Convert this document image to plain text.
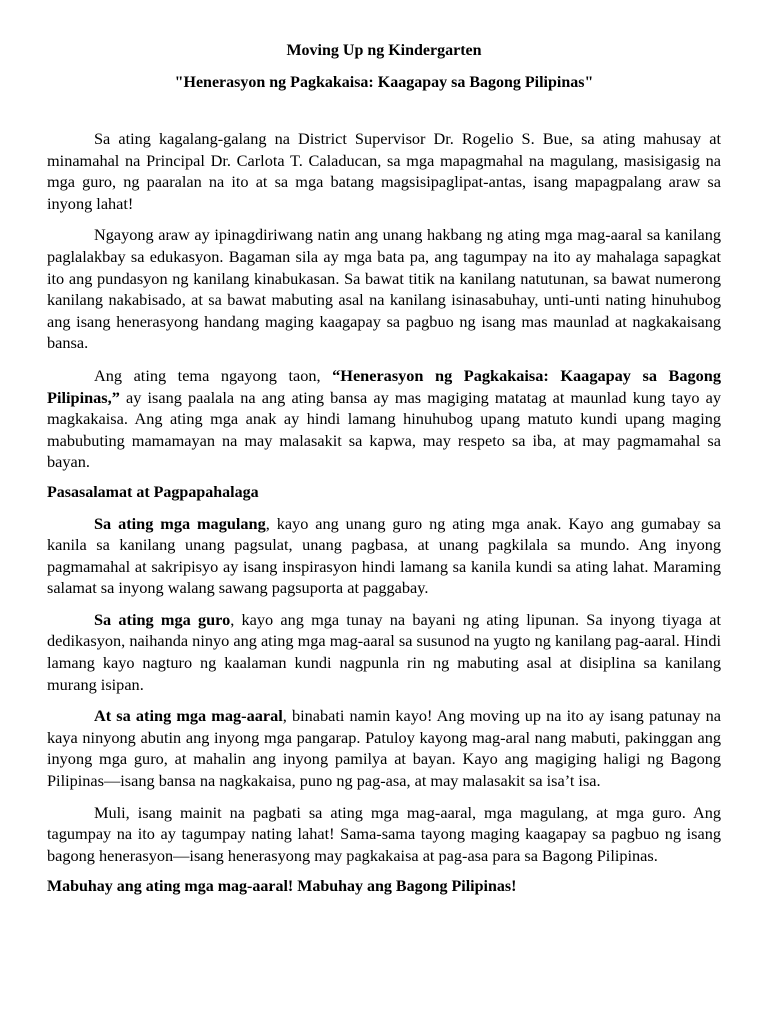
Moving Up ng Kindergarten

"Henerasyon ng Pagkakaisa: Kaagapay sa Bagong Pilipinas"

Sa ating kagalang-galang na District Supervisor Dr. Rogelio S. Bue, sa ating mahusay at minamahal na Principal Dr. Carlota T. Caladucan, sa mga mapagmahal na magulang, masisigasig na mga guro, ng paaralan na ito at sa mga batang magsisipaglipat-antas, isang mapagpalang araw sa inyong lahat!

Ngayong araw ay ipinagdiriwang natin ang unang hakbang ng ating mga mag-aaral sa kanilang paglalakbay sa edukasyon. Bagaman sila ay mga bata pa, ang tagumpay na ito ay mahalaga sapagkat ito ang pundasyon ng kanilang kinabukasan. Sa bawat titik na kanilang natutunan, sa bawat numerong kanilang nakabisado, at sa bawat mabuting asal na kanilang isinasabuhay, unti-unti nating hinuhubog ang isang henerasyong handang maging kaagapay sa pagbuo ng isang mas maunlad at nagkakaisang bansa.

Ang ating tema ngayong taon, “Henerasyon ng Pagkakaisa: Kaagapay sa Bagong Pilipinas,” ay isang paalala na ang ating bansa ay mas magiging matatag at maunlad kung tayo ay magkakaisa. Ang ating mga anak ay hindi lamang hinuhubog upang matuto kundi upang maging mabubuting mamamayan na may malasakit sa kapwa, may respeto sa iba, at may pagmamahal sa bayan.

Pasasalamat at Pagpapahalaga

Sa ating mga magulang, kayo ang unang guro ng ating mga anak. Kayo ang gumabay sa kanila sa kanilang unang pagsulat, unang pagbasa, at unang pagkilala sa mundo. Ang inyong pagmamahal at sakripisyo ay isang inspirasyon hindi lamang sa kanila kundi sa ating lahat. Maraming salamat sa inyong walang sawang pagsuporta at paggabay.

Sa ating mga guro, kayo ang mga tunay na bayani ng ating lipunan. Sa inyong tiyaga at dedikasyon, naihanda ninyo ang ating mga mag-aaral sa susunod na yugto ng kanilang pag-aaral. Hindi lamang kayo nagturo ng kaalaman kundi nagpunla rin ng mabuting asal at disiplina sa kanilang murang isipan.

At sa ating mga mag-aaral, binabati namin kayo! Ang moving up na ito ay isang patunay na kaya ninyong abutin ang inyong mga pangarap. Patuloy kayong mag-aral nang mabuti, pakinggan ang inyong mga guro, at mahalin ang inyong pamilya at bayan. Kayo ang magiging haligi ng Bagong Pilipinas—isang bansa na nagkakaisa, puno ng pag-asa, at may malasakit sa isa’t isa.

Muli, isang mainit na pagbati sa ating mga mag-aaral, mga magulang, at mga guro. Ang tagumpay na ito ay tagumpay nating lahat! Sama-sama tayong maging kaagapay sa pagbuo ng isang bagong henerasyon—isang henerasyong may pagkakaisa at pag-asa para sa Bagong Pilipinas.

Mabuhay ang ating mga mag-aaral! Mabuhay ang Bagong Pilipinas!
